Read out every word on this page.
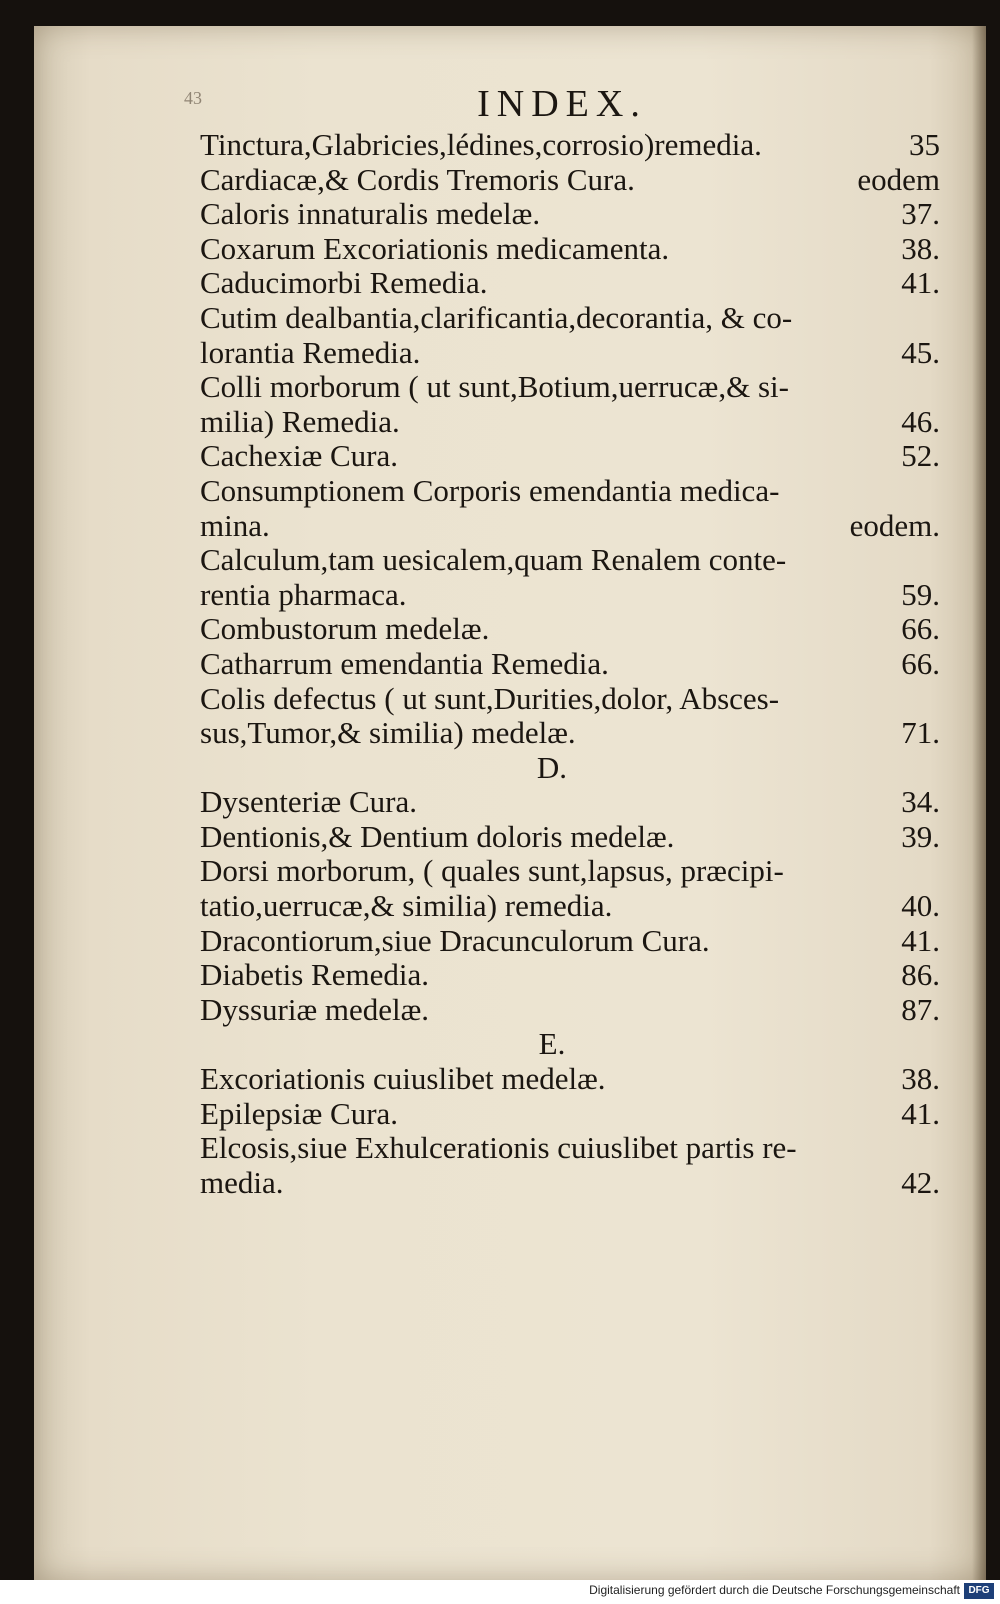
43	INDEX.
Tinctura,Glabricies,lédines,corrosio)remedia.	35
Cardiacæ,& Cordis Tremoris Cura.	eodem
Caloris innaturalis medelæ.	37.
Coxarum Excoriationis medicamenta.	38.
Caducimorbi Remedia.	41.
Cutim dealbantia,clarificantia,decorantia, & co-
lorantia Remedia.	45.
Colli morborum ( ut sunt,Botium,uerrucæ,& si-
milia) Remedia.	46.
Cachexiæ Cura.	52.
Consumptionem Corporis emendantia medica-
mina.	eodem.
Calculum,tam uesicalem,quam Renalem conte-
rentia pharmaca.	59.
Combustorum medelæ.	66.
Catharrum emendantia Remedia.	66.
Colis defectus ( ut sunt,Durities,dolor, Absces-
sus,Tumor,& similia) medelæ.	71.
D.
Dysenteriæ Cura.	34.
Dentionis,& Dentium doloris medelæ.	39.
Dorsi morborum, ( quales sunt,lapsus, præcipi-
tatio,uerrucæ,& similia) remedia.	40.
Dracontiorum,siue Dracunculorum Cura.	41.
Diabetis Remedia.	86.
Dyssuriæ medelæ.	87.
E.
Excoriationis cuiuslibet medelæ.	38.
Epilepsiæ Cura.	41.
Elcosis,siue Exhulcerationis cuiuslibet partis re-
media.	42.
Digitalisierung gefördert durch die Deutsche Forschungsgemeinschaft DFG
